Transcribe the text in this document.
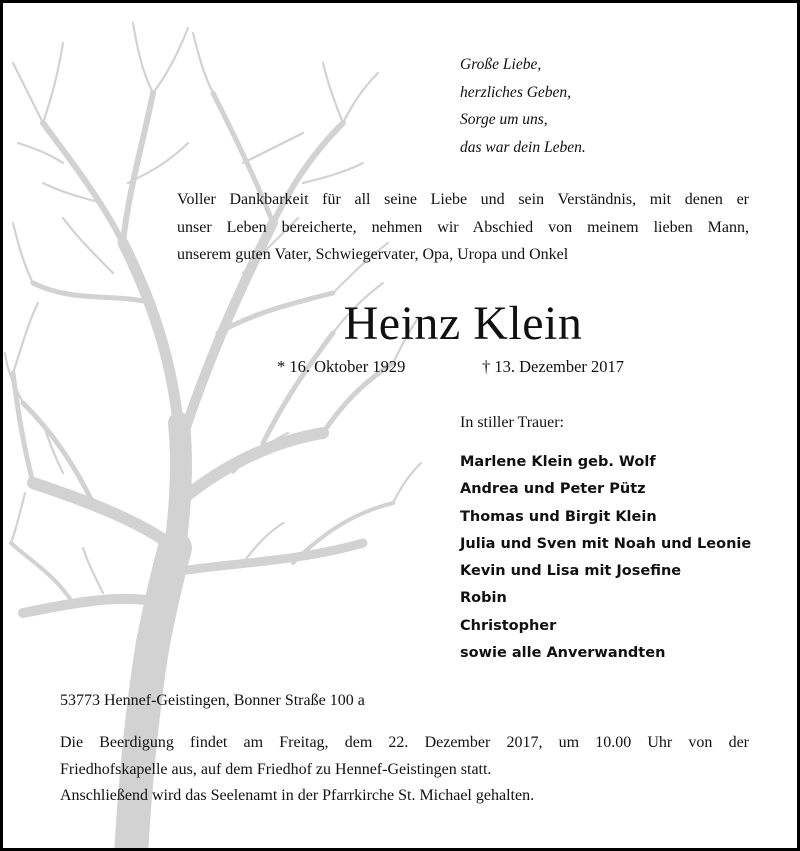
Große Liebe,
herzliches Geben,
Sorge um uns,
das war dein Leben.
Voller Dankbarkeit für all seine Liebe und sein Verständnis, mit denen er
unser Leben bereicherte, nehmen wir Abschied von meinem lieben Mann,
unserem guten Vater, Schwiegervater, Opa, Uropa und Onkel
Heinz Klein
* 16. Oktober 1929	† 13. Dezember 2017
In stiller Trauer:
Marlene Klein geb. Wolf
Andrea und Peter Pütz
Thomas und Birgit Klein
Julia und Sven mit Noah und Leonie
Kevin und Lisa mit Josefine
Robin
Christopher
sowie alle Anverwandten
53773 Hennef-Geistingen, Bonner Straße 100 a
Die Beerdigung findet am Freitag, dem 22. Dezember 2017, um 10.00 Uhr von der
Friedhofskapelle aus, auf dem Friedhof zu Hennef-Geistingen statt.
Anschließend wird das Seelenamt in der Pfarrkirche St. Michael gehalten.
